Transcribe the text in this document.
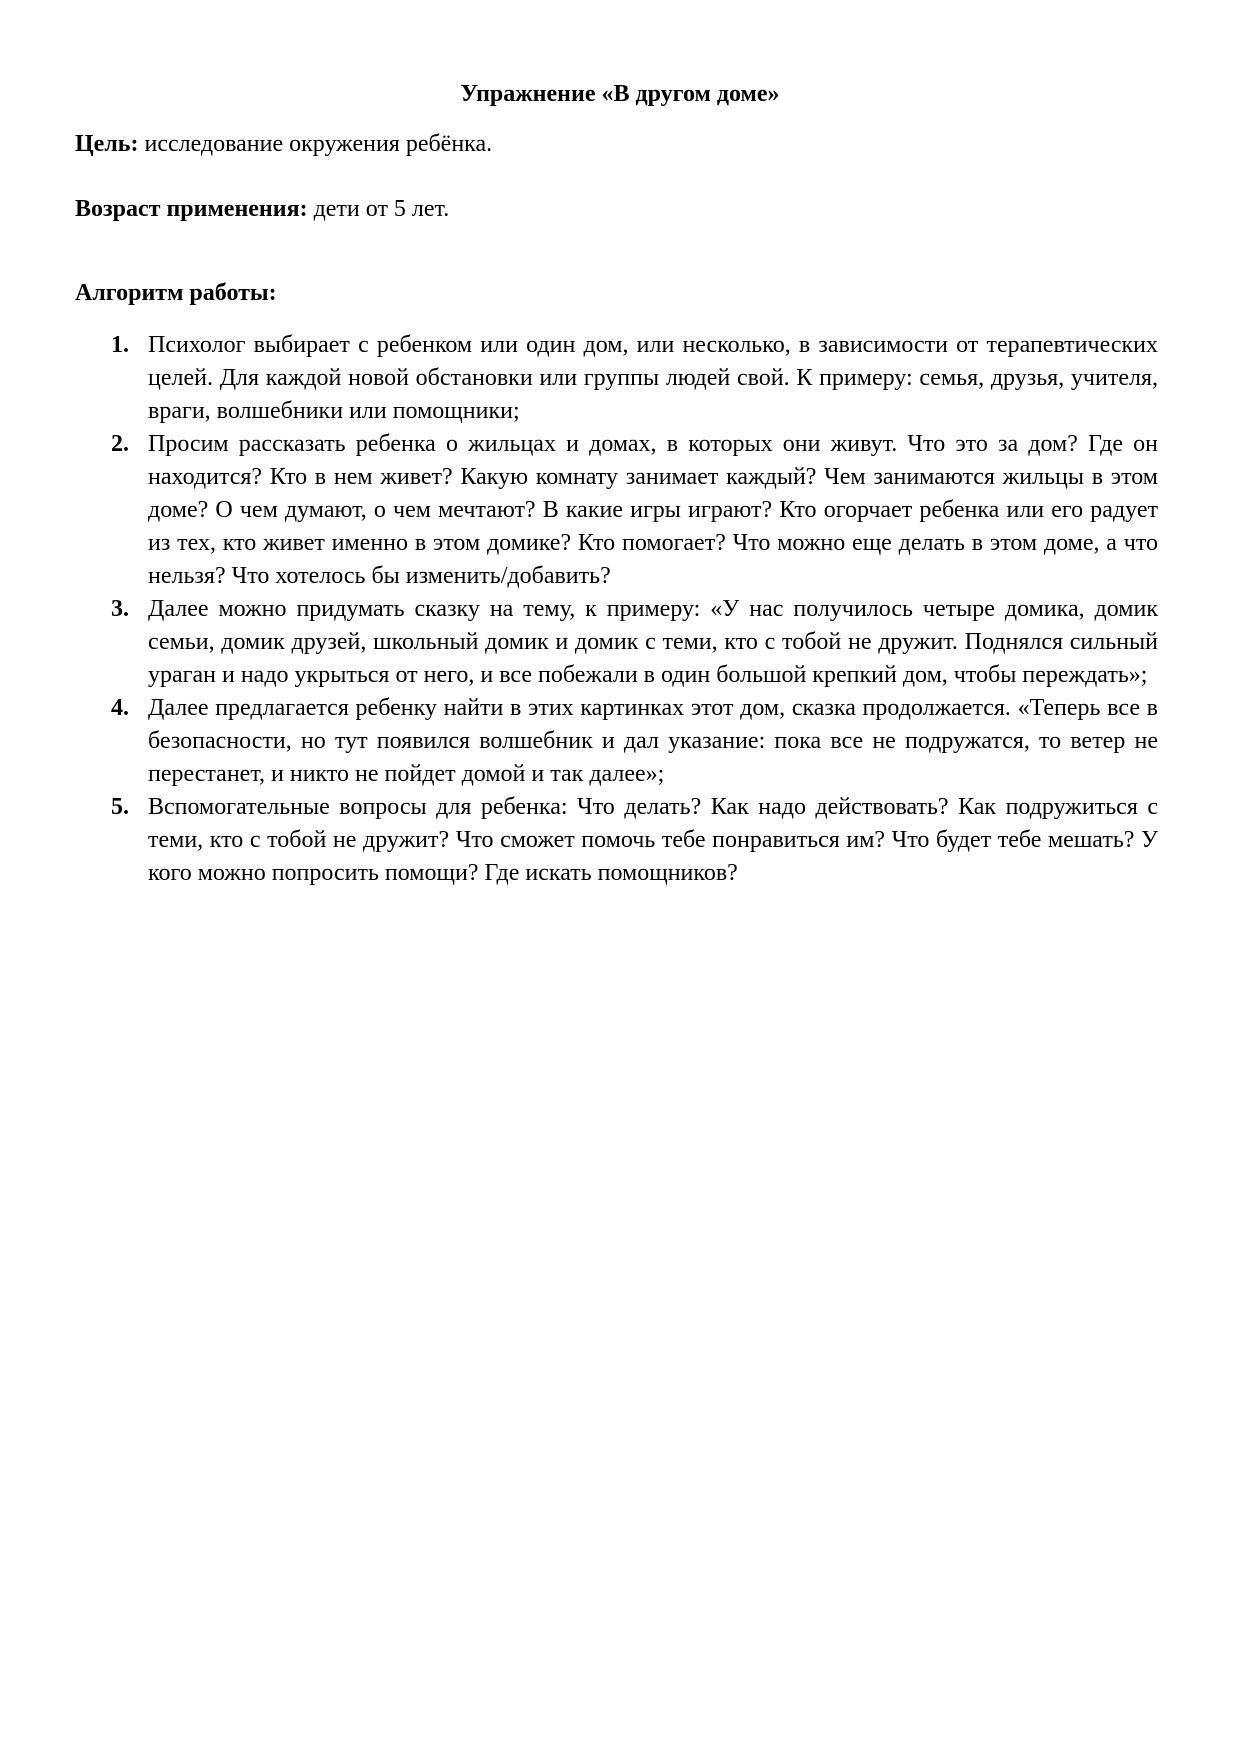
Упражнение «В другом доме»

Цель: исследование окружения ребёнка.

Возраст применения: дети от 5 лет.

Алгоритм работы:

1. Психолог выбирает с ребенком или один дом, или несколько, в зависимости от терапевтических целей. Для каждой новой обстановки или группы людей свой. К примеру: семья, друзья, учителя, враги, волшебники или помощники;
2. Просим рассказать ребенка о жильцах и домах, в которых они живут. Что это за дом? Где он находится? Кто в нем живет? Какую комнату занимает каждый? Чем занимаются жильцы в этом доме? О чем думают, о чем мечтают? В какие игры играют? Кто огорчает ребенка или его радует из тех, кто живет именно в этом домике? Кто помогает? Что можно еще делать в этом доме, а что нельзя? Что хотелось бы изменить/добавить?
3. Далее можно придумать сказку на тему, к примеру: «У нас получилось четыре домика, домик семьи, домик друзей, школьный домик и домик с теми, кто с тобой не дружит. Поднялся сильный ураган и надо укрыться от него, и все побежали в один большой крепкий дом, чтобы переждать»;
4. Далее предлагается ребенку найти в этих картинках этот дом, сказка продолжается. «Теперь все в безопасности, но тут появился волшебник и дал указание: пока все не подружатся, то ветер не перестанет, и никто не пойдет домой и так далее»;
5. Вспомогательные вопросы для ребенка: Что делать? Как надо действовать? Как подружиться с теми, кто с тобой не дружит? Что сможет помочь тебе понравиться им? Что будет тебе мешать? У кого можно попросить помощи? Где искать помощников?
